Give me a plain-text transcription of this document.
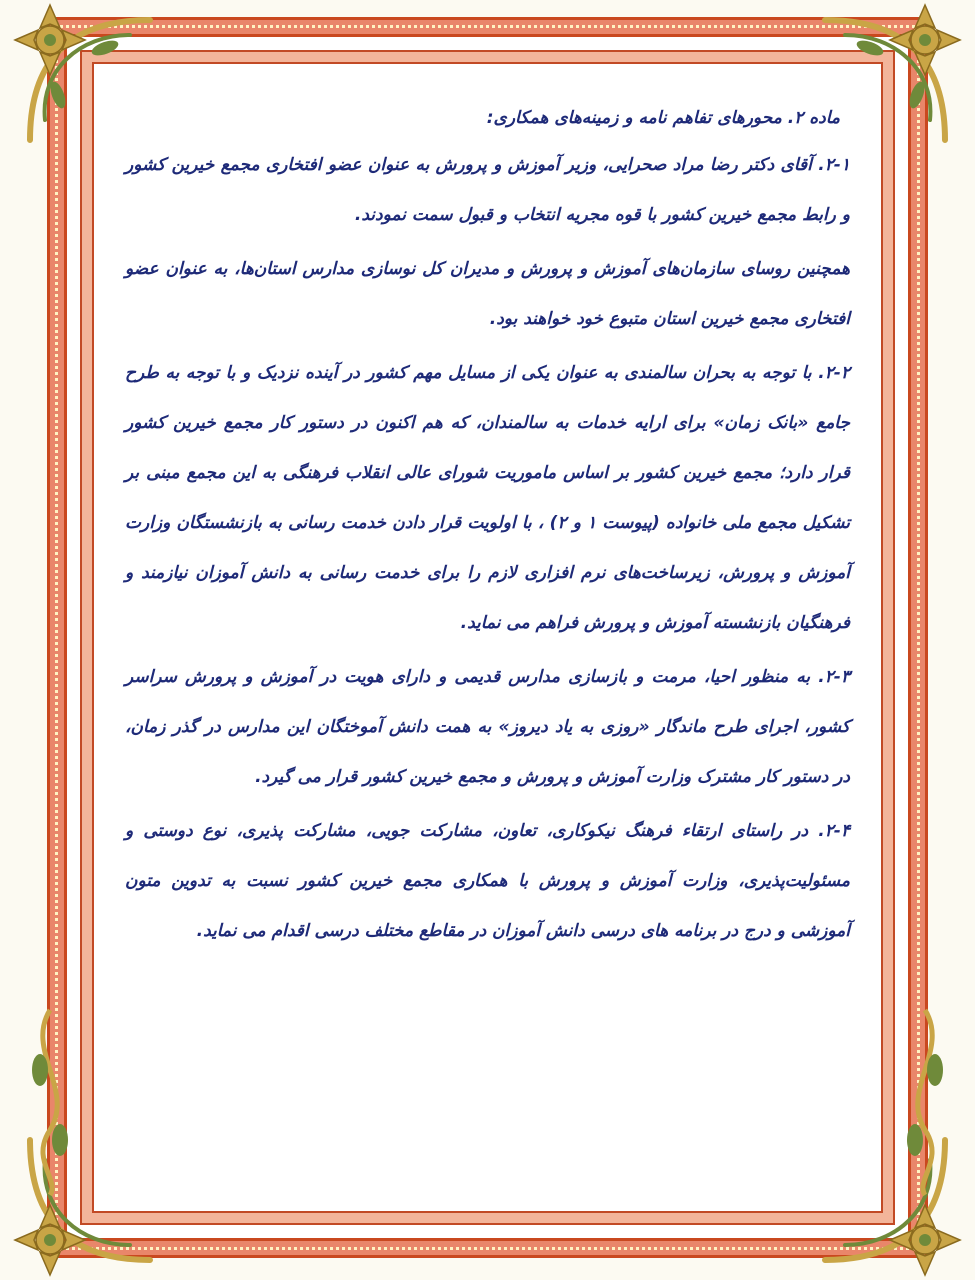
ماده ۲. محورهای تفاهم نامه و زمینه‌های همکاری:

۲-۱. آقای دکتر رضا مراد صحرایی، وزیر آموزش و پرورش به عنوان عضو افتخاری مجمع خیرین کشور و رابط مجمع خیرین کشور با قوه مجریه انتخاب و قبول سمت نمودند.

همچنین روسای سازمان‌های آموزش و پرورش و مدیران کل نوسازی مدارس استان‌ها، به عنوان عضو افتخاری مجمع خیرین استان متبوع خود خواهند بود.

۲-۲. با توجه به بحران سالمندی به عنوان یکی از مسایل مهم کشور در آینده نزدیک و با توجه به طرح جامع «بانک زمان» برای ارایه خدمات به سالمندان، که هم اکنون در دستور کار مجمع خیرین کشور قرار دارد؛ مجمع خیرین کشور بر اساس ماموریت شورای عالی انقلاب فرهنگی به این مجمع مبنی بر تشکیل مجمع ملی خانواده (پیوست ۱ و ۲) ، با اولویت قرار دادن خدمت رسانی به بازنشستگان وزارت آموزش و پرورش، زیرساخت‌های نرم افزاری لازم را برای خدمت رسانی به دانش آموزان نیازمند و فرهنگیان بازنشسته آموزش و پرورش فراهم می نماید.

۲-۳. به منظور احیا، مرمت و بازسازی مدارس قدیمی و دارای هویت در آموزش و پرورش سراسر کشور، اجرای طرح ماندگار «روزی به یاد دیروز» به همت دانش آموختگان این مدارس در گذر زمان، در دستور کار مشترک وزارت آموزش و پرورش و مجمع خیرین کشور قرار می گیرد.

۲-۴. در راستای ارتقاء فرهنگ نیکوکاری، تعاون، مشارکت جویی، مشارکت پذیری، نوع دوستی و مسئولیت‌پذیری، وزارت آموزش و پرورش با همکاری مجمع خیرین کشور نسبت به تدوین متون آموزشی و درج در برنامه های درسی دانش آموزان در مقاطع مختلف درسی اقدام می نماید.
